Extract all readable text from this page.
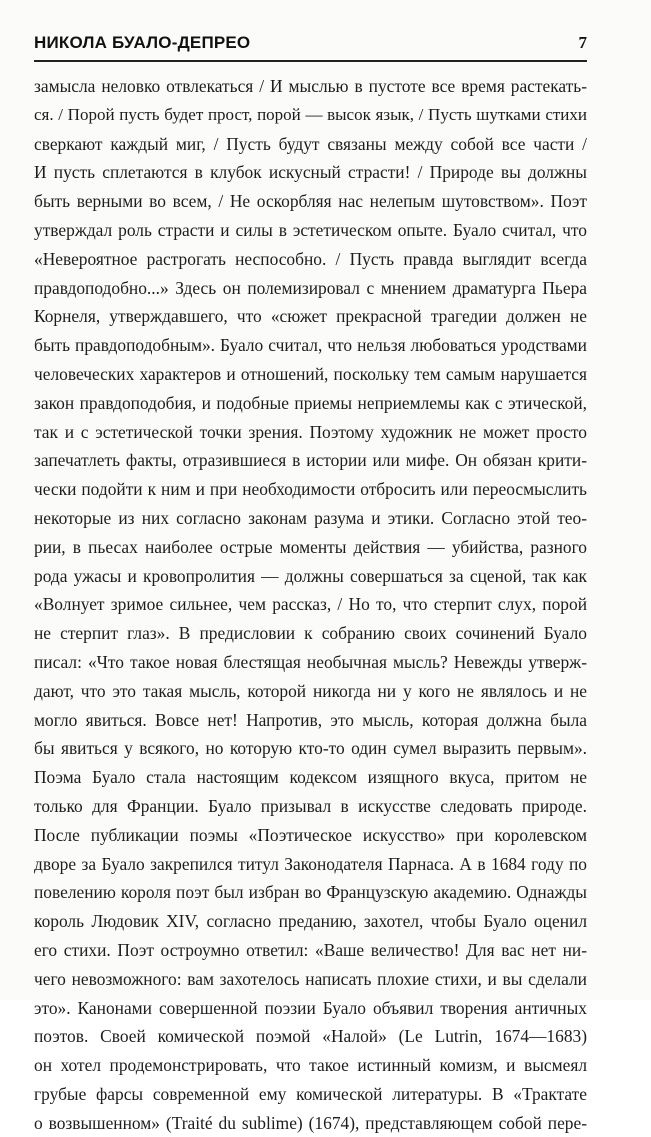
НИКОЛА БУАЛО-ДЕПРЕО	7
замысла неловко отвлекаться / И мыслью в пустоте все время растекать-
ся. / Порой пусть будет прост, порой — высок язык, / Пусть шутками стихи
сверкают каждый миг, / Пусть будут связаны между собой все части /
И пусть сплетаются в клубок искусный страсти! / Природе вы должны
быть верными во всем, / Не оскорбляя нас нелепым шутовством». Поэт
утверждал роль страсти и силы в эстетическом опыте. Буало считал, что
«Невероятное растрогать неспособно. / Пусть правда выглядит всегда
правдоподобно...» Здесь он полемизировал с мнением драматурга Пьера
Корнеля, утверждавшего, что «сюжет прекрасной трагедии должен не
быть правдоподобным». Буало считал, что нельзя любоваться уродствами
человеческих характеров и отношений, поскольку тем самым нарушается
закон правдоподобия, и подобные приемы неприемлемы как с этической,
так и с эстетической точки зрения. Поэтому художник не может просто
запечатлеть факты, отразившиеся в истории или мифе. Он обязан крити-
чески подойти к ним и при необходимости отбросить или переосмыслить
некоторые из них согласно законам разума и этики. Согласно этой тео-
рии, в пьесах наиболее острые моменты действия — убийства, разного
рода ужасы и кровопролития — должны совершаться за сценой, так как
«Волнует зримое сильнее, чем рассказ, / Но то, что стерпит слух, порой
не стерпит глаз». В предисловии к собранию своих сочинений Буало
писал: «Что такое новая блестящая необычная мысль? Невежды утверж-
дают, что это такая мысль, которой никогда ни у кого не являлось и не
могло явиться. Вовсе нет! Напротив, это мысль, которая должна была
бы явиться у всякого, но которую кто-то один сумел выразить первым».
Поэма Буало стала настоящим кодексом изящного вкуса, притом не
только для Франции. Буало призывал в искусстве следовать природе.
После публикации поэмы «Поэтическое искусство» при королевском
дворе за Буало закрепился титул Законодателя Парнаса. А в 1684 году по
повелению короля поэт был избран во Французскую академию. Однажды
король Людовик XIV, согласно преданию, захотел, чтобы Буало оценил
его стихи. Поэт остроумно ответил: «Ваше величество! Для вас нет ни-
чего невозможного: вам захотелось написать плохие стихи, и вы сделали
это». Канонами совершенной поэзии Буало объявил творения античных
поэтов. Своей комической поэмой «Налой» (Le Lutrin, 1674—1683)
он хотел продемонстрировать, что такое истинный комизм, и высмеял
грубые фарсы современной ему комической литературы. В «Трактате
о возвышенном» (Traité du sublime) (1674), представляющем собой пере-
